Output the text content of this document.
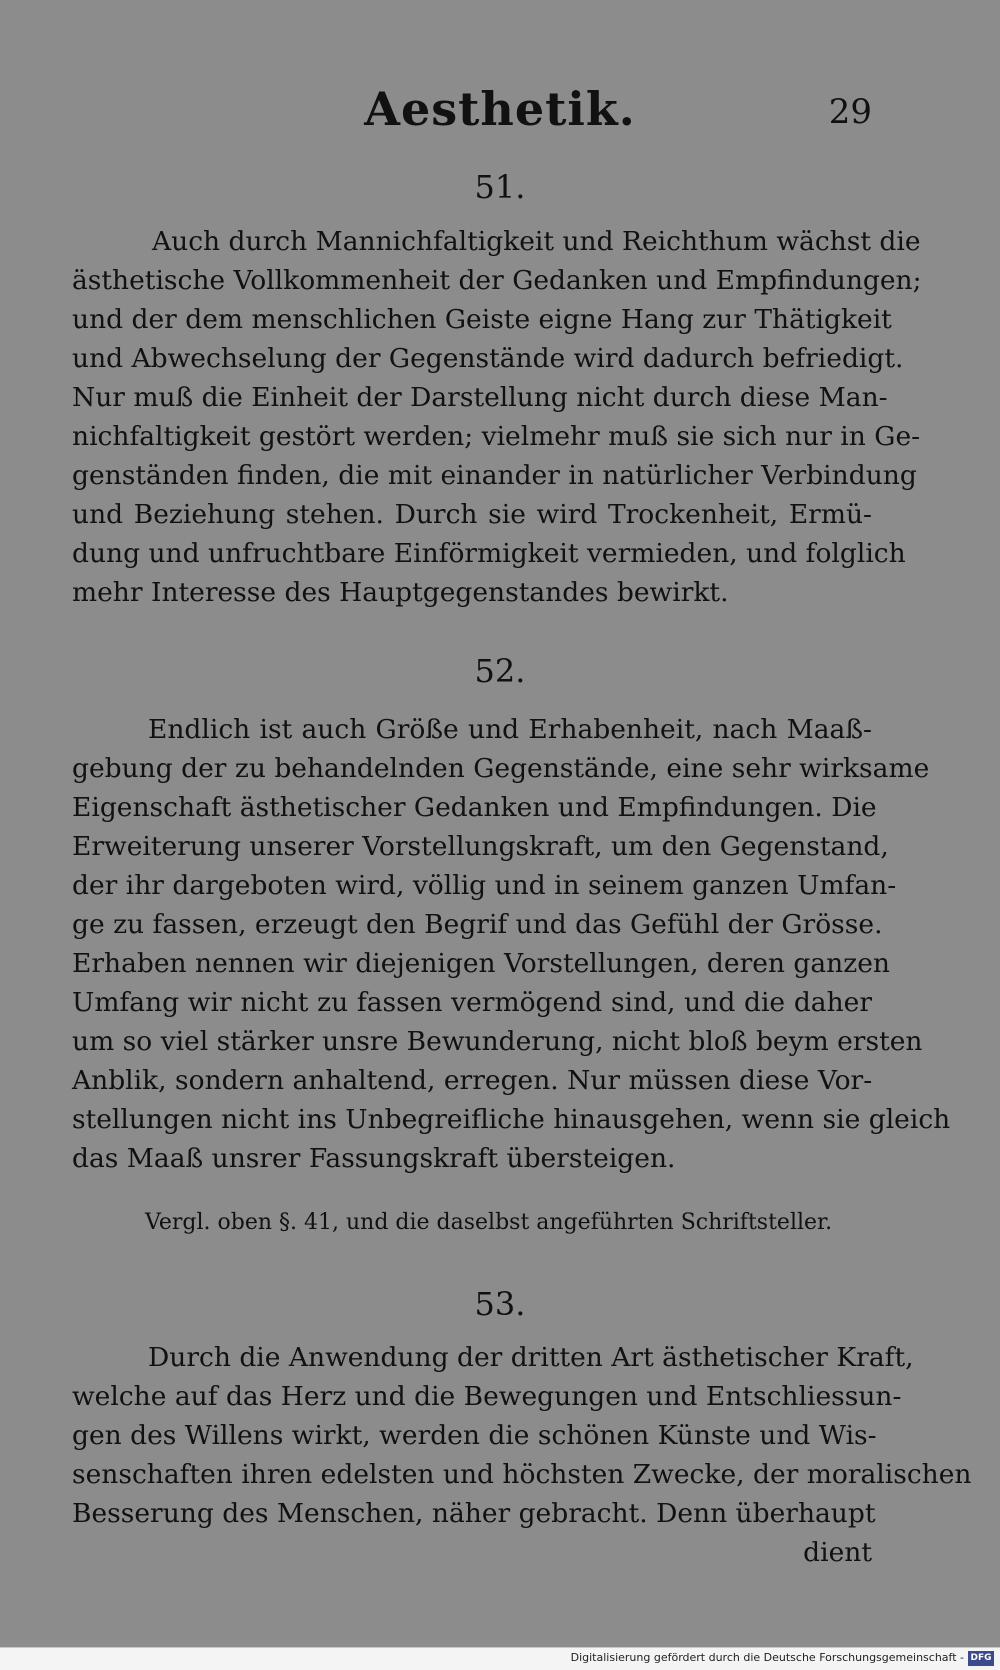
Aesthetik.	29
51.
Auch durch Mannichfaltigkeit und Reichthum wächst die
ästhetische Vollkommenheit der Gedanken und Empfindungen;
und der dem menschlichen Geiste eigne Hang zur Thätigkeit
und Abwechselung der Gegenstände wird dadurch befriedigt.
Nur muß die Einheit der Darstellung nicht durch diese Man-
nichfaltigkeit gestört werden; vielmehr muß sie sich nur in Ge-
genständen finden, die mit einander in natürlicher Verbindung
und Beziehung stehen. Durch sie wird Trockenheit, Ermü-
dung und unfruchtbare Einförmigkeit vermieden, und folglich
mehr Interesse des Hauptgegenstandes bewirkt.
52.
Endlich ist auch Größe und Erhabenheit, nach Maaß-
gebung der zu behandelnden Gegenstände, eine sehr wirksame
Eigenschaft ästhetischer Gedanken und Empfindungen. Die
Erweiterung unserer Vorstellungskraft, um den Gegenstand,
der ihr dargeboten wird, völlig und in seinem ganzen Umfan-
ge zu fassen, erzeugt den Begrif und das Gefühl der Grösse.
Erhaben nennen wir diejenigen Vorstellungen, deren ganzen
Umfang wir nicht zu fassen vermögend sind, und die daher
um so viel stärker unsre Bewunderung, nicht bloß beym ersten
Anblik, sondern anhaltend, erregen. Nur müssen diese Vor-
stellungen nicht ins Unbegreifliche hinausgehen, wenn sie gleich
das Maaß unsrer Fassungskraft übersteigen.
Vergl. oben §. 41, und die daselbst angeführten Schriftsteller.
53.
Durch die Anwendung der dritten Art ästhetischer Kraft,
welche auf das Herz und die Bewegungen und Entschliessun-
gen des Willens wirkt, werden die schönen Künste und Wis-
senschaften ihren edelsten und höchsten Zwecke, der moralischen
Besserung des Menschen, näher gebracht. Denn überhaupt
dient
Digitalisierung gefördert durch die Deutsche Forschungsgemeinschaft - DFG
